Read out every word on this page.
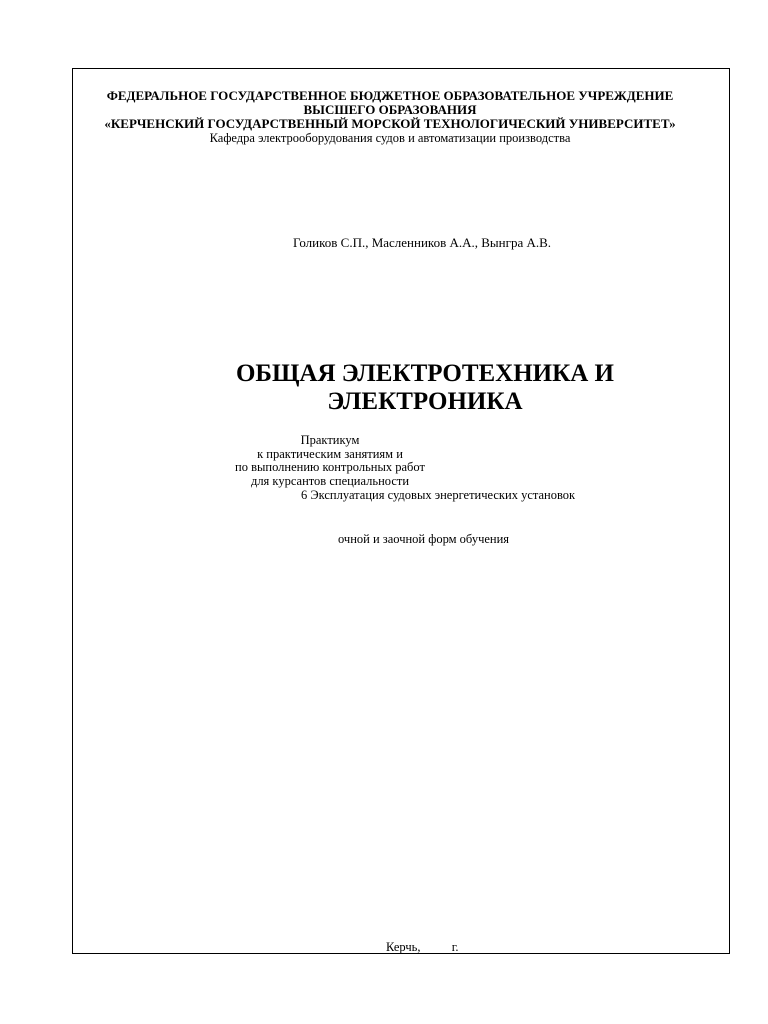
ФЕДЕРАЛЬНОЕ ГОСУДАРСТВЕННОЕ БЮДЖЕТНОЕ ОБРАЗОВАТЕЛЬНОЕ УЧРЕЖДЕНИЕ
ВЫСШЕГО ОБРАЗОВАНИЯ
«КЕРЧЕНСКИЙ ГОСУДАРСТВЕННЫЙ МОРСКОЙ ТЕХНОЛОГИЧЕСКИЙ УНИВЕРСИТЕТ»
Кафедра электрооборудования судов и автоматизации производства
Голиков С.П., Масленников А.А., Вынгра А.В.
ОБЩАЯ ЭЛЕКТРОТЕХНИКА И
ЭЛЕКТРОНИКА
Практикум
к практическим занятиям и
по выполнению контрольных работ
для курсантов специальности
6 Эксплуатация судовых энергетических установок
очной и заочной форм обучения
Керчь,          г.
